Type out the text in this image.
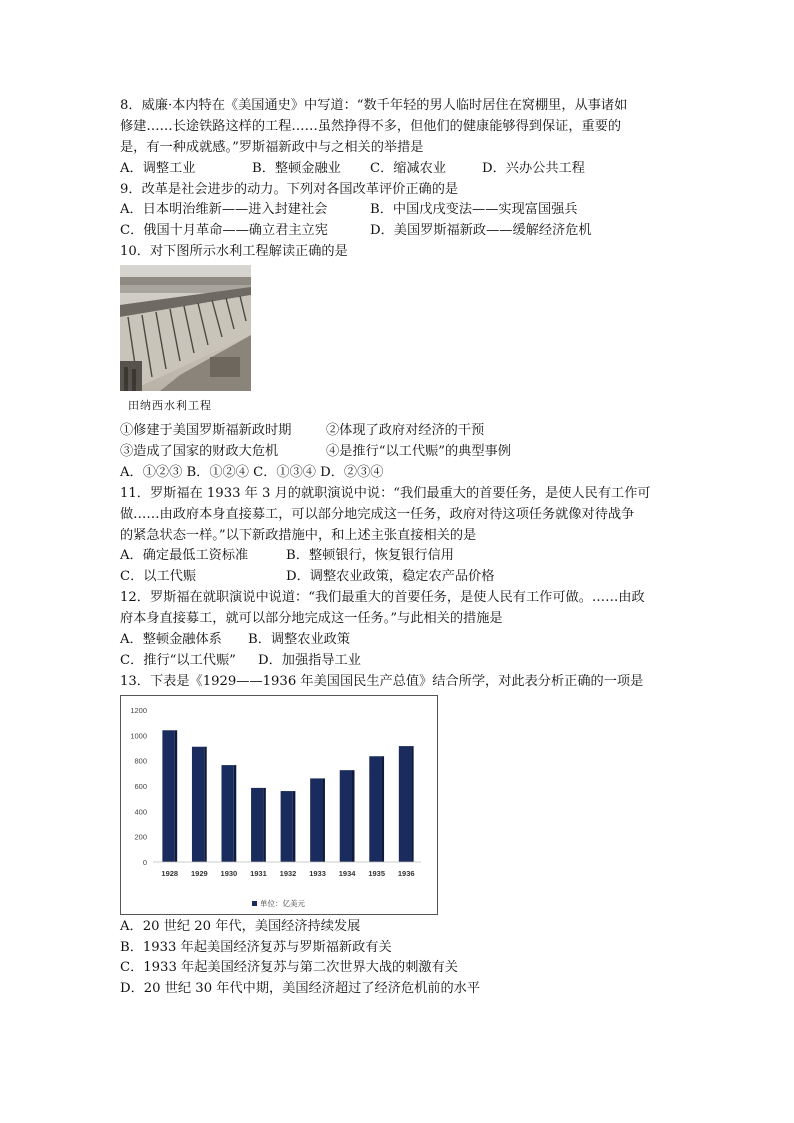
8．威廉·本内特在《美国通史》中写道：“数千年轻的男人临时居住在窝棚里，从事诸如
修建……长途铁路这样的工程……虽然挣得不多，但他们的健康能够得到保证，重要的
是，有一种成就感。”罗斯福新政中与之相关的举措是
A．调整工业	B．整顿金融业	C．缩减农业	D．兴办公共工程
9．改革是社会进步的动力。下列对各国改革评价正确的是
A．日本明治维新——进入封建社会	B．中国戊戌变法——实现富国强兵
C．俄国十月革命——确立君主立宪	D．美国罗斯福新政——缓解经济危机
10．对下图所示水利工程解读正确的是
田纳西水利工程
①修建于美国罗斯福新政时期	②体现了政府对经济的干预
③造成了国家的财政大危机	④是推行“以工代赈”的典型事例
A．①②③ B．①②④ C．①③④ D．②③④
11．罗斯福在 1933 年 3 月的就职演说中说：“我们最重大的首要任务，是使人民有工作可
做……由政府本身直接募工，可以部分地完成这一任务，政府对待这项任务就像对待战争
的紧急状态一样。”以下新政措施中，和上述主张直接相关的是
A．确定最低工资标准	B．整顿银行，恢复银行信用
C．以工代赈	D．调整农业政策，稳定农产品价格
12．罗斯福在就职演说中说道：“我们最重大的首要任务，是使人民有工作可做。……由政
府本身直接募工，就可以部分地完成这一任务。”与此相关的措施是
A．整顿金融体系	B．调整农业政策
C．推行“以工代赈”	D．加强指导工业
13．下表是《1929——1936 年美国国民生产总值》结合所学，对此表分析正确的一项是
0
200
400
600
800
1000
1200
1928 1929 1930 1931 1932 1933 1934 1935 1936
单位：亿美元
A．20 世纪 20 年代，美国经济持续发展
B．1933 年起美国经济复苏与罗斯福新政有关
C．1933 年起美国经济复苏与第二次世界大战的刺激有关
D．20 世纪 30 年代中期，美国经济超过了经济危机前的水平
